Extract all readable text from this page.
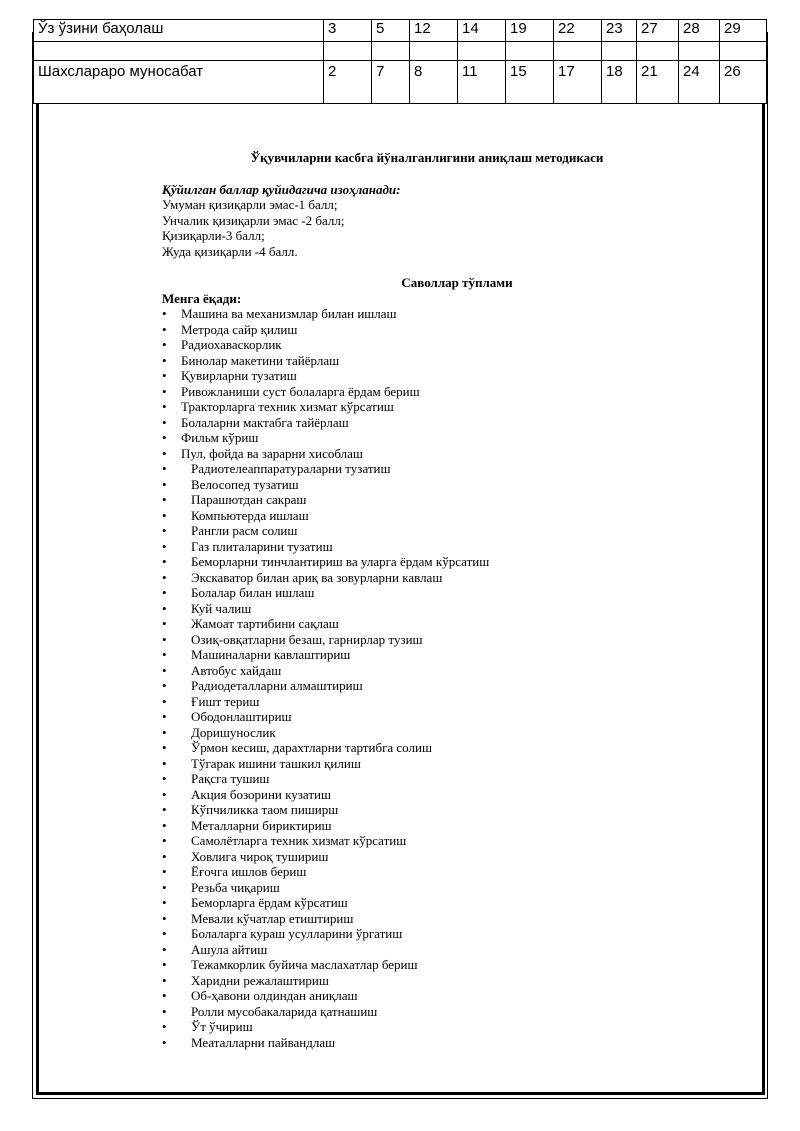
Ўз ўзини баҳолаш	3	5	12	14	19	22	23	27	28	29

Шахслараро муносабат	2	7	8	11	15	17	18	21	24	26
Ўқувчиларни касбга йўналганлигини аниқлаш методикаси
Қўйилган баллар қуйидагича изоҳланади:
Умуман қизиқарли эмас-1 балл;
Унчалик қизиқарли эмас -2 балл;
Қизиқарли-3 балл;
Жуда қизиқарли -4 балл.
Саволлар тўплами
Менга ёқади:
• Машина ва механизмлар билан ишлаш
• Метрода сайр қилиш
• Радиохаваскорлик
• Бинолар макетини тайёрлаш
• Қувирларни тузатиш
• Ривожланиши суст болаларга ёрдам бериш
• Тракторларга техник хизмат кўрсатиш
• Болаларни мактабга тайёрлаш
• Фильм кўриш
• Пул, фойда ва зарарни хисоблаш
• Радиотелеаппаратураларни тузатиш
• Велосопед тузатиш
• Парашютдан сакраш
• Компьютерда ишлаш
• Рангли расм солиш
• Газ плиталарини тузатиш
• Беморларни тинчлантириш ва уларга ёрдам кўрсатиш
• Экскаватор билан ариқ ва зовурларни кавлаш
• Болалар билан ишлаш
• Куй чалиш
• Жамоат тартибини сақлаш
• Озиқ-овқатларни безаш, гарнирлар тузиш
• Машиналарни кавлаштириш
• Автобус хайдаш
• Радиодеталларни алмаштириш
• Ғишт териш
• Ободонлаштириш
• Доришунослик
• Ўрмон кесиш, дарахтларни тартибга солиш
• Тўгарак ишини ташкил қилиш
• Рақсга тушиш
• Акция бозорини кузатиш
• Кўпчиликка таом пиширш
• Металларни бириктириш
• Самолётларга техник хизмат кўрсатиш
• Ховлига чироқ тушириш
• Ёғочга ишлов бериш
• Резьба чиқариш
• Беморларга ёрдам кўрсатиш
• Мевали кўчатлар етиштириш
• Болаларга кураш усулларини ўргатиш
• Ашула айтиш
• Тежамкорлик буйича маслахатлар бериш
• Харидни режалаштириш
• Об-ҳавони олдиндан аниқлаш
• Ролли мусобакаларида қатнашиш
• Ўт ўчириш
• Меаталларни пайвандлаш
